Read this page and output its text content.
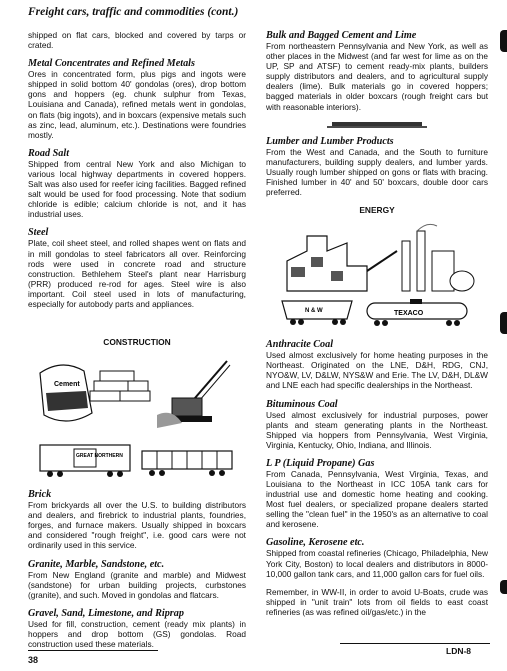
Freight cars, traffic and commodities (cont.)

shipped on flat cars, blocked and covered by tarps or crated.

Metal Concentrates and Refined Metals

Ores in concentrated form, plus pigs and ingots were shipped in solid bottom 40' gondolas (ores), drop bottom gons and hoppers (eg. chunk sulphur from Texas, Louisiana and Canada), refined metals went in gondolas, on flats (big ingots), and in boxcars (expensive metals such as zinc, lead, aluminum, etc.). Destinations were foundries mostly.

Road Salt

Shipped from central New York and also Michigan to various local highway departments in covered hoppers. Salt was also used for reefer icing facilities. Bagged refined salt would be used for food processing. Note that sodium chloride is edible; calcium chloride is not, and it has industrial uses.

Steel

Plate, coil sheet steel, and rolled shapes went on flats and in mill gondolas to steel fabricators all over. Reinforcing rods were used in concrete road and structure construction. Bethlehem Steel's plant near Harrisburg (PRR) produced re-rod for ages. Steel wire is also important. Coil steel used in lots of manufacturing, especially for autobody parts and appliances.

CONSTRUCTION
Cement
GREAT NORTHERN
Brick

From brickyards all over the U.S. to building distributors and dealers, and firebrick to industrial plants, foundries, forges, and furnace makers. Usually shipped in boxcars and considered "rough freight", i.e. good cars were not ordinarily used in this service.

Granite, Marble, Sandstone, etc.

From New England (granite and marble) and Midwest (sandstone) for urban building projects, curbstones (granite), and such. Moved in gondolas and flatcars.

Gravel, Sand, Limestone, and Riprap

Used for fill, construction, cement (ready mix plants) in hoppers and drop bottom (GS) gondolas. Road construction used these materials.

Bulk and Bagged Cement and Lime

From northeastern Pennsylvania and New York, as well as other places in the Midwest (and far west for lime as on the UP, SP and ATSF) to cement ready-mix plants, builders supply distributors and dealers, and to agricultural supply dealers (lime). Bulk materials go in covered hoppers; bagged materials in older boxcars (rough freight cars but with reasonable interiors).

Lumber and Lumber Products

From the West and Canada, and the South to furniture manufacturers, building supply dealers, and lumber yards. Usually rough lumber shipped on gons or flats with bracing. Finished lumber in 40' and 50' boxcars, double door cars preferred.

ENERGY
N & W	TEXACO
Anthracite Coal

Used almost exclusively for home heating purposes in the Northeast. Originated on the LNE, D&H, RDG, CNJ, NYO&W, LV, D&LW, NYS&W and Erie. The LV, D&H, DL&W and LNE each had specific dealerships in the Northeast.

Bituminous Coal

Used almost exclusively for industrial purposes, power plants and steam generating plants in the Northeast. Shipped via hoppers from Pennsylvania, West Virginia, Virginia, Kentucky, Ohio, Indiana, and Illinois.

L P (Liquid Propane) Gas

From Canada, Pennsylvania, West Virginia, Texas, and Louisiana to the Northeast in ICC 105A tank cars for industrial use and domestic home heating and cooking. Most fuel dealers, or specialized propane dealers started selling the "clean fuel" in the 1950's as an alternative to coal and kerosene.

Gasoline, Kerosene etc.

Shipped from coastal refineries (Chicago, Philadelphia, New York City, Boston) to local dealers and distributors in 8000-10,000 gallon tank cars, and 11,000 gallon cars for fuel oils.

Remember, in WW-II, in order to avoid U-Boats, crude was shipped in "unit train" lots from oil fields to east coast refineries (as was refined oil/gas/etc.) in the

38
LDN-8
